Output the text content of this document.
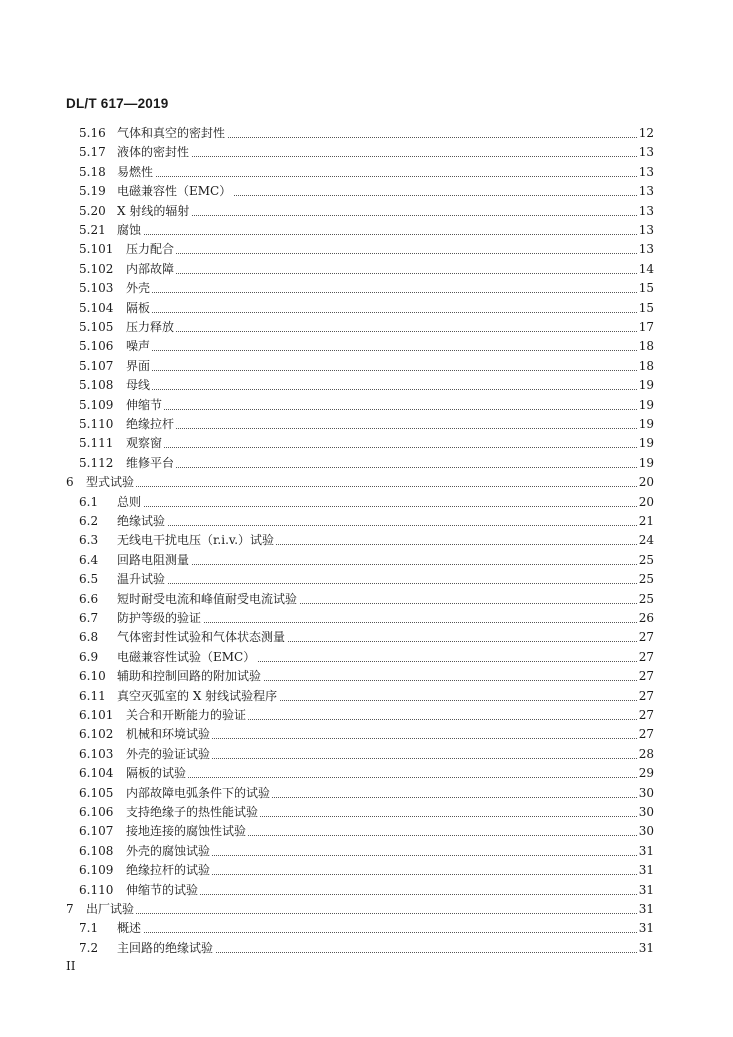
DL/T 617—2019
5.16 气体和真空的密封性	12
5.17 液体的密封性	13
5.18 易燃性	13
5.19 电磁兼容性（EMC）	13
5.20 X 射线的辐射	13
5.21 腐蚀	13
5.101 压力配合	13
5.102 内部故障	14
5.103 外壳	15
5.104 隔板	15
5.105 压力释放	17
5.106 噪声	18
5.107 界面	18
5.108 母线	19
5.109 伸缩节	19
5.110 绝缘拉杆	19
5.111 观察窗	19
5.112 维修平台	19
6 型式试验	20
6.1 总则	20
6.2 绝缘试验	21
6.3 无线电干扰电压（r.i.v.）试验	24
6.4 回路电阻测量	25
6.5 温升试验	25
6.6 短时耐受电流和峰值耐受电流试验	25
6.7 防护等级的验证	26
6.8 气体密封性试验和气体状态测量	27
6.9 电磁兼容性试验（EMC）	27
6.10 辅助和控制回路的附加试验	27
6.11 真空灭弧室的 X 射线试验程序	27
6.101 关合和开断能力的验证	27
6.102 机械和环境试验	27
6.103 外壳的验证试验	28
6.104 隔板的试验	29
6.105 内部故障电弧条件下的试验	30
6.106 支持绝缘子的热性能试验	30
6.107 接地连接的腐蚀性试验	30
6.108 外壳的腐蚀试验	31
6.109 绝缘拉杆的试验	31
6.110 伸缩节的试验	31
7 出厂试验	31
7.1 概述	31
7.2 主回路的绝缘试验	31
II
